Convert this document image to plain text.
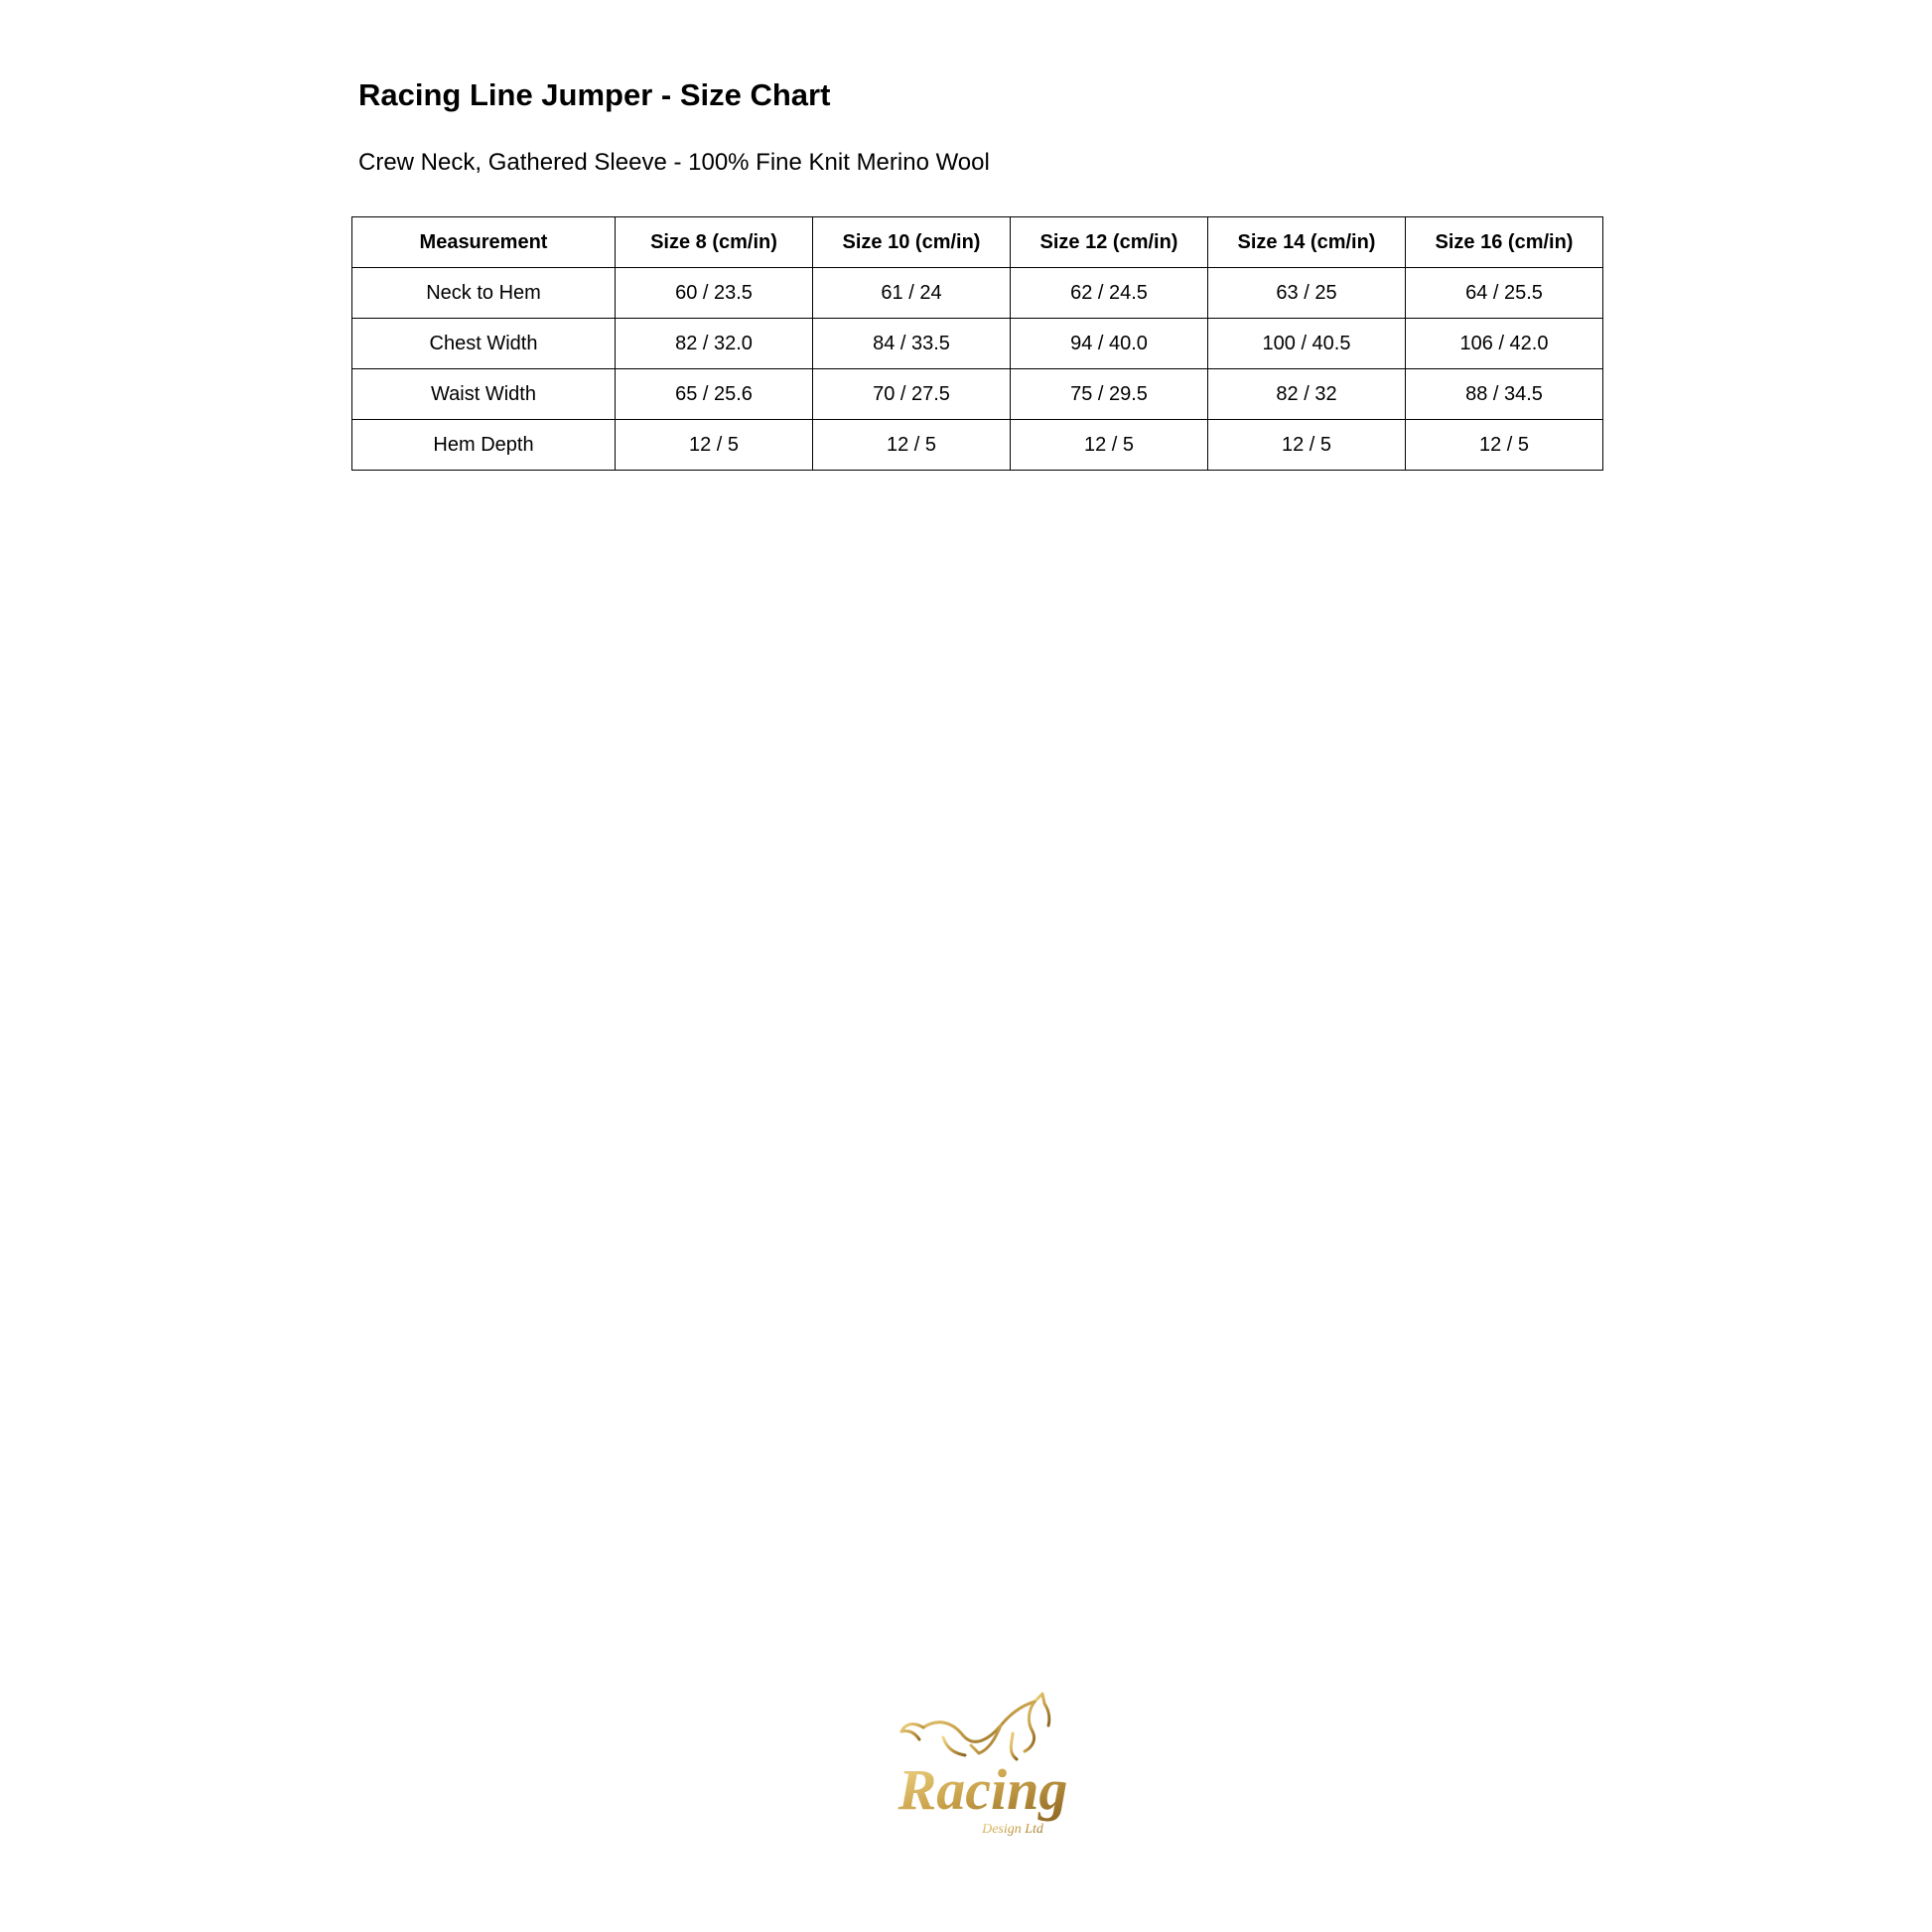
Racing Line Jumper - Size Chart
Crew Neck, Gathered Sleeve - 100% Fine Knit Merino Wool
Measurement	Size 8 (cm/in)	Size 10 (cm/in)	Size 12 (cm/in)	Size 14 (cm/in)	Size 16 (cm/in)
Neck to Hem	60 / 23.5	61 / 24	62 / 24.5	63 / 25	64 / 25.5
Chest Width	82 / 32.0	84 / 33.5	94 / 40.0	100 / 40.5	106 / 42.0
Waist Width	65 / 25.6	70 / 27.5	75 / 29.5	82 / 32	88 / 34.5
Hem Depth	12 / 5	12 / 5	12 / 5	12 / 5	12 / 5
Racing
Design Ltd
